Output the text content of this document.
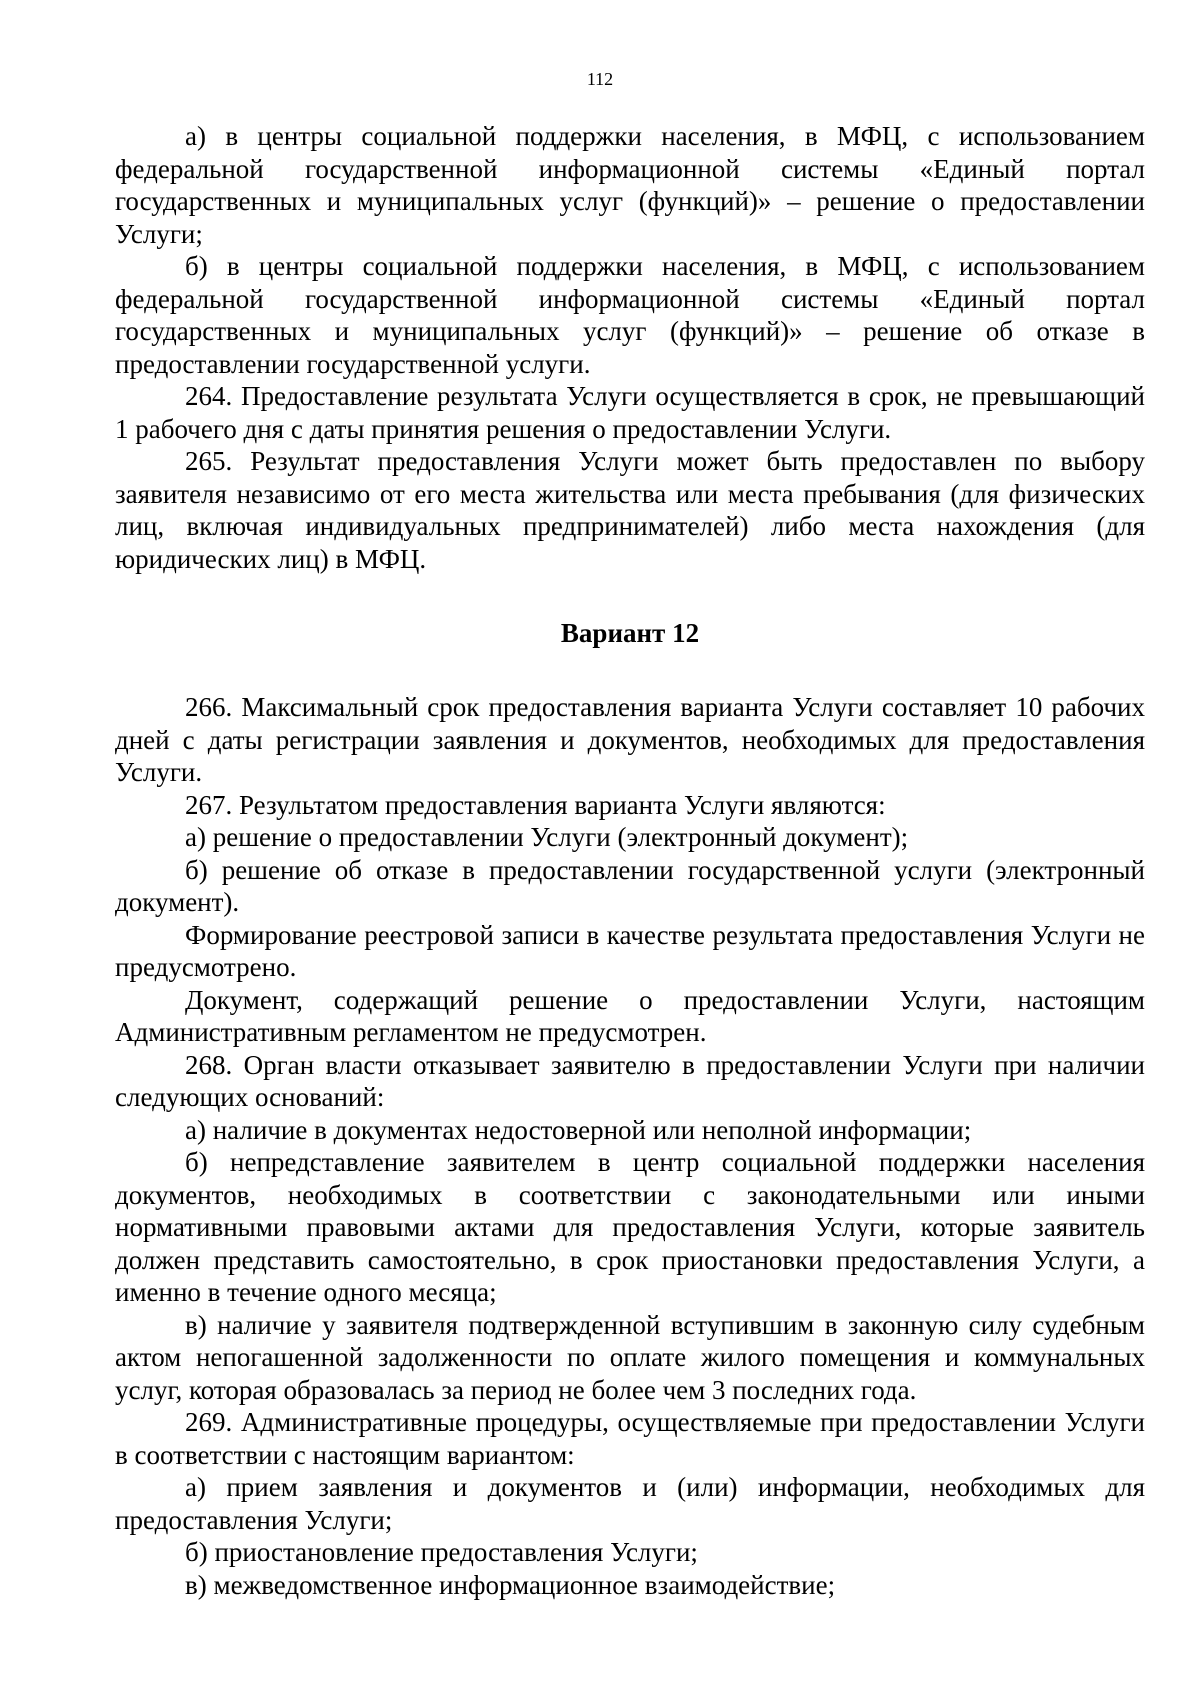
112

а) в центры социальной поддержки населения, в МФЦ, с использованием федеральной государственной информационной системы «Единый портал государственных и муниципальных услуг (функций)» – решение о предоставлении Услуги;

б) в центры социальной поддержки населения, в МФЦ, с использованием федеральной государственной информационной системы «Единый портал государственных и муниципальных услуг (функций)» – решение об отказе в предоставлении государственной услуги.

264. Предоставление результата Услуги осуществляется в срок, не превышающий 1 рабочего дня с даты принятия решения о предоставлении Услуги.

265. Результат предоставления Услуги может быть предоставлен по выбору заявителя независимо от его места жительства или места пребывания (для физических лиц, включая индивидуальных предпринимателей) либо места нахождения (для юридических лиц) в МФЦ.

Вариант 12

266. Максимальный срок предоставления варианта Услуги составляет 10 рабочих дней с даты регистрации заявления и документов, необходимых для предоставления Услуги.

267. Результатом предоставления варианта Услуги являются:

а) решение о предоставлении Услуги (электронный документ);

б) решение об отказе в предоставлении государственной услуги (электронный документ).

Формирование реестровой записи в качестве результата предоставления Услуги не предусмотрено.

Документ, содержащий решение о предоставлении Услуги, настоящим Административным регламентом не предусмотрен.

268. Орган власти отказывает заявителю в предоставлении Услуги при наличии следующих оснований:

а) наличие в документах недостоверной или неполной информации;

б) непредставление заявителем в центр социальной поддержки населения документов, необходимых в соответствии с законодательными или иными нормативными правовыми актами для предоставления Услуги, которые заявитель должен представить самостоятельно, в срок приостановки предоставления Услуги, а именно в течение одного месяца;

в) наличие у заявителя подтвержденной вступившим в законную силу судебным актом непогашенной задолженности по оплате жилого помещения и коммунальных услуг, которая образовалась за период не более чем 3 последних года.

269. Административные процедуры, осуществляемые при предоставлении Услуги в соответствии с настоящим вариантом:

а) прием заявления и документов и (или) информации, необходимых для предоставления Услуги;

б) приостановление предоставления Услуги;

в) межведомственное информационное взаимодействие;
